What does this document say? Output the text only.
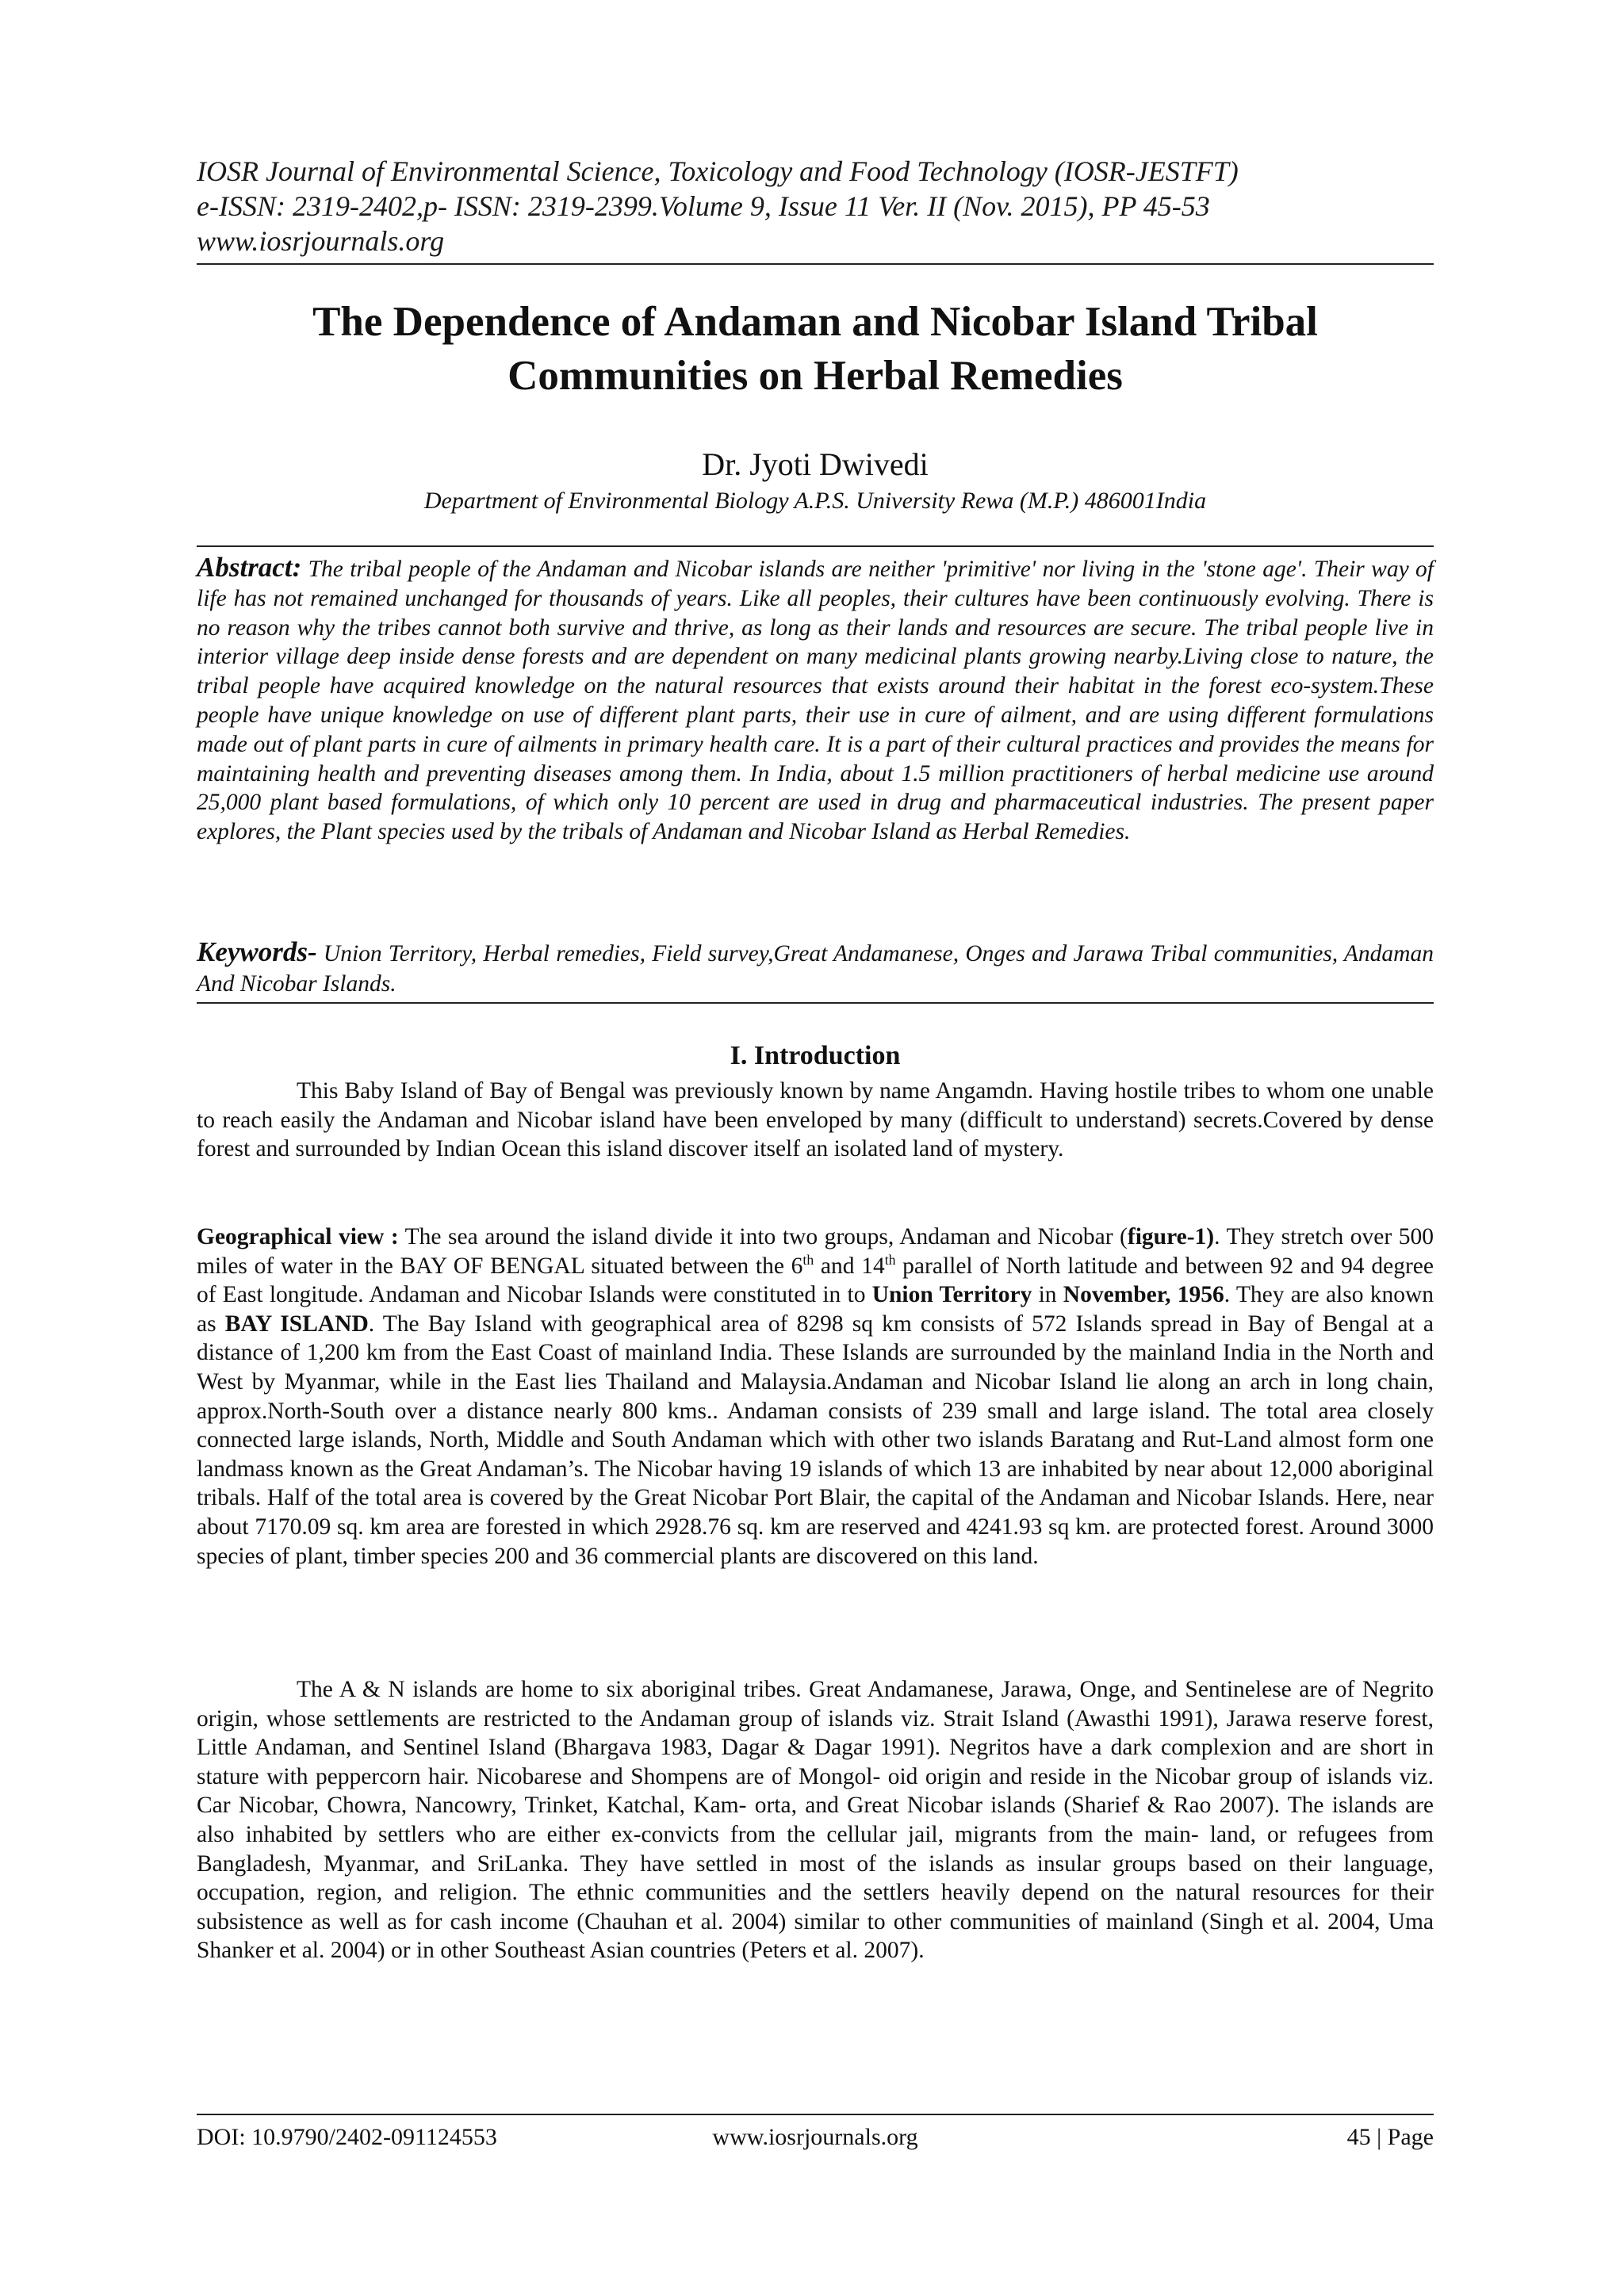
IOSR Journal of Environmental Science, Toxicology and Food Technology (IOSR-JESTFT)
e-ISSN: 2319-2402,p- ISSN: 2319-2399.Volume 9, Issue 11 Ver. II (Nov. 2015), PP 45-53
www.iosrjournals.org
The Dependence of Andaman and Nicobar Island Tribal
Communities on Herbal Remedies
Dr. Jyoti Dwivedi
Department of Environmental Biology A.P.S. University Rewa (M.P.) 486001India
Abstract: The tribal people of the Andaman and Nicobar islands are neither 'primitive' nor living in the 'stone age'. Their way of life has not remained unchanged for thousands of years. Like all peoples, their cultures have been continuously evolving. There is no reason why the tribes cannot both survive and thrive, as long as their lands and resources are secure. The tribal people live in interior village deep inside dense forests and are dependent on many medicinal plants growing nearby.Living close to nature, the tribal people have acquired knowledge on the natural resources that exists around their habitat in the forest eco-system.These people have unique knowledge on use of different plant parts, their use in cure of ailment, and are using different formulations made out of plant parts in cure of ailments in primary health care. It is a part of their cultural practices and provides the means for maintaining health and preventing diseases among them. In India, about 1.5 million practitioners of herbal medicine use around 25,000 plant based formulations, of which only 10 percent are used in drug and pharmaceutical industries. The present paper explores, the Plant species used by the tribals of Andaman and Nicobar Island as Herbal Remedies.
Keywords- Union Territory, Herbal remedies, Field survey,Great Andamanese, Onges and Jarawa Tribal communities, Andaman And Nicobar Islands.
I. Introduction
This Baby Island of Bay of Bengal was previously known by name Angamdn. Having hostile tribes to whom one unable to reach easily the Andaman and Nicobar island have been enveloped by many (difficult to understand) secrets.Covered by dense forest and surrounded by Indian Ocean this island discover itself an isolated land of mystery.
Geographical view : The sea around the island divide it into two groups, Andaman and Nicobar (figure-1). They stretch over 500 miles of water in the BAY OF BENGAL situated between the 6th and 14th parallel of North latitude and between 92 and 94 degree of East longitude. Andaman and Nicobar Islands were constituted in to Union Territory in November, 1956. They are also known as BAY ISLAND. The Bay Island with geographical area of 8298 sq km consists of 572 Islands spread in Bay of Bengal at a distance of 1,200 km from the East Coast of mainland India. These Islands are surrounded by the mainland India in the North and West by Myanmar, while in the East lies Thailand and Malaysia.Andaman and Nicobar Island lie along an arch in long chain, approx.North-South over a distance nearly 800 kms.. Andaman consists of 239 small and large island. The total area closely connected large islands, North, Middle and South Andaman which with other two islands Baratang and Rut-Land almost form one landmass known as the Great Andaman’s. The Nicobar having 19 islands of which 13 are inhabited by near about 12,000 aboriginal tribals. Half of the total area is covered by the Great Nicobar Port Blair, the capital of the Andaman and Nicobar Islands. Here, near about 7170.09 sq. km area are forested in which 2928.76 sq. km are reserved and 4241.93 sq km. are protected forest. Around 3000 species of plant, timber species 200 and 36 commercial plants are discovered on this land.
The A & N islands are home to six aboriginal tribes. Great Andamanese, Jarawa, Onge, and Sentinelese are of Negrito origin, whose settlements are restricted to the Andaman group of islands viz. Strait Island (Awasthi 1991), Jarawa reserve forest, Little Andaman, and Sentinel Island (Bhargava 1983, Dagar & Dagar 1991). Negritos have a dark complexion and are short in stature with peppercorn hair. Nicobarese and Shompens are of Mongol- oid origin and reside in the Nicobar group of islands viz. Car Nicobar, Chowra, Nancowry, Trinket, Katchal, Kam- orta, and Great Nicobar islands (Sharief & Rao 2007). The islands are also inhabited by settlers who are either ex-convicts from the cellular jail, migrants from the main- land, or refugees from Bangladesh, Myanmar, and SriLanka. They have settled in most of the islands as insular groups based on their language, occupation, region, and religion. The ethnic communities and the settlers heavily depend on the natural resources for their subsistence as well as for cash income (Chauhan et al. 2004) similar to other communities of mainland (Singh et al. 2004, Uma Shanker et al. 2004) or in other Southeast Asian countries (Peters et al. 2007).
DOI: 10.9790/2402-091124553	www.iosrjournals.org	45 | Page
